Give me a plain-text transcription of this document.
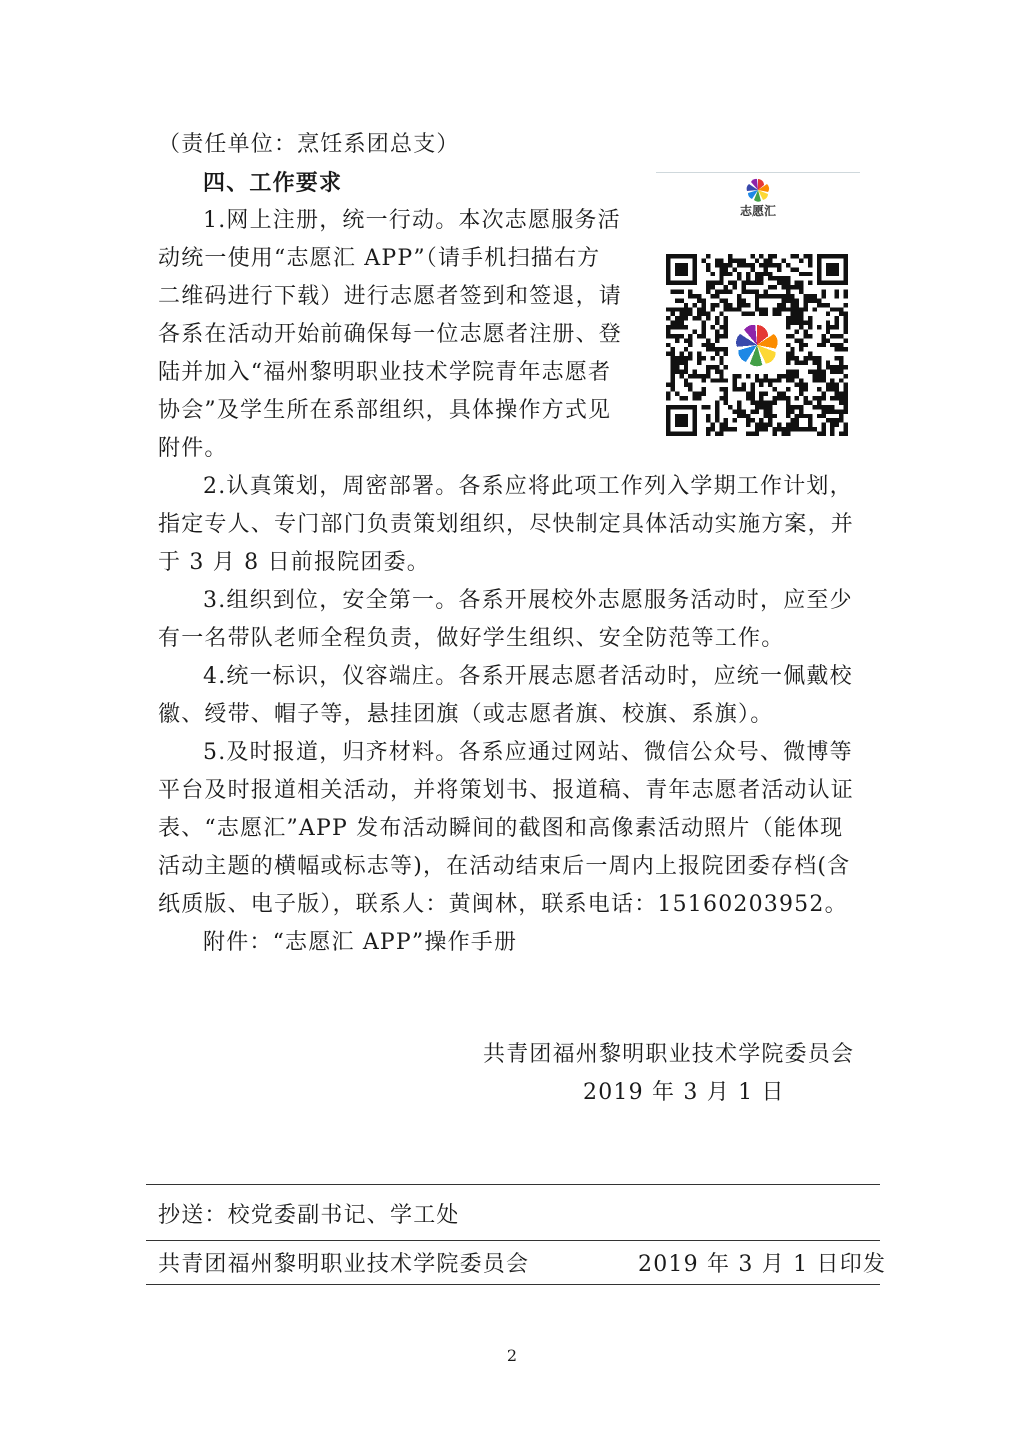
（责任单位：烹饪系团总支）
四、工作要求
1.网上注册，统一行动。本次志愿服务活
动统一使用“志愿汇 APP”（请手机扫描右方
二维码进行下载）进行志愿者签到和签退，请
各系在活动开始前确保每一位志愿者注册、登
陆并加入“福州黎明职业技术学院青年志愿者
协会”及学生所在系部组织，具体操作方式见
附件。
2.认真策划，周密部署。各系应将此项工作列入学期工作计划，
指定专人、专门部门负责策划组织，尽快制定具体活动实施方案，并
于 3 月 8 日前报院团委。
3.组织到位，安全第一。各系开展校外志愿服务活动时，应至少
有一名带队老师全程负责，做好学生组织、安全防范等工作。
4.统一标识，仪容端庄。各系开展志愿者活动时，应统一佩戴校
徽、绶带、帽子等，悬挂团旗（或志愿者旗、校旗、系旗）。
5.及时报道，归齐材料。各系应通过网站、微信公众号、微博等
平台及时报道相关活动，并将策划书、报道稿、青年志愿者活动认证
表、“志愿汇”APP 发布活动瞬间的截图和高像素活动照片（能体现
活动主题的横幅或标志等)，在活动结束后一周内上报院团委存档(含
纸质版、电子版），联系人：黄闽林，联系电话：15160203952。
附件：“志愿汇 APP”操作手册
志愿汇
共青团福州黎明职业技术学院委员会
2019 年 3 月 1 日
抄送：校党委副书记、学工处
共青团福州黎明职业技术学院委员会	2019 年 3 月 1 日印发
2
